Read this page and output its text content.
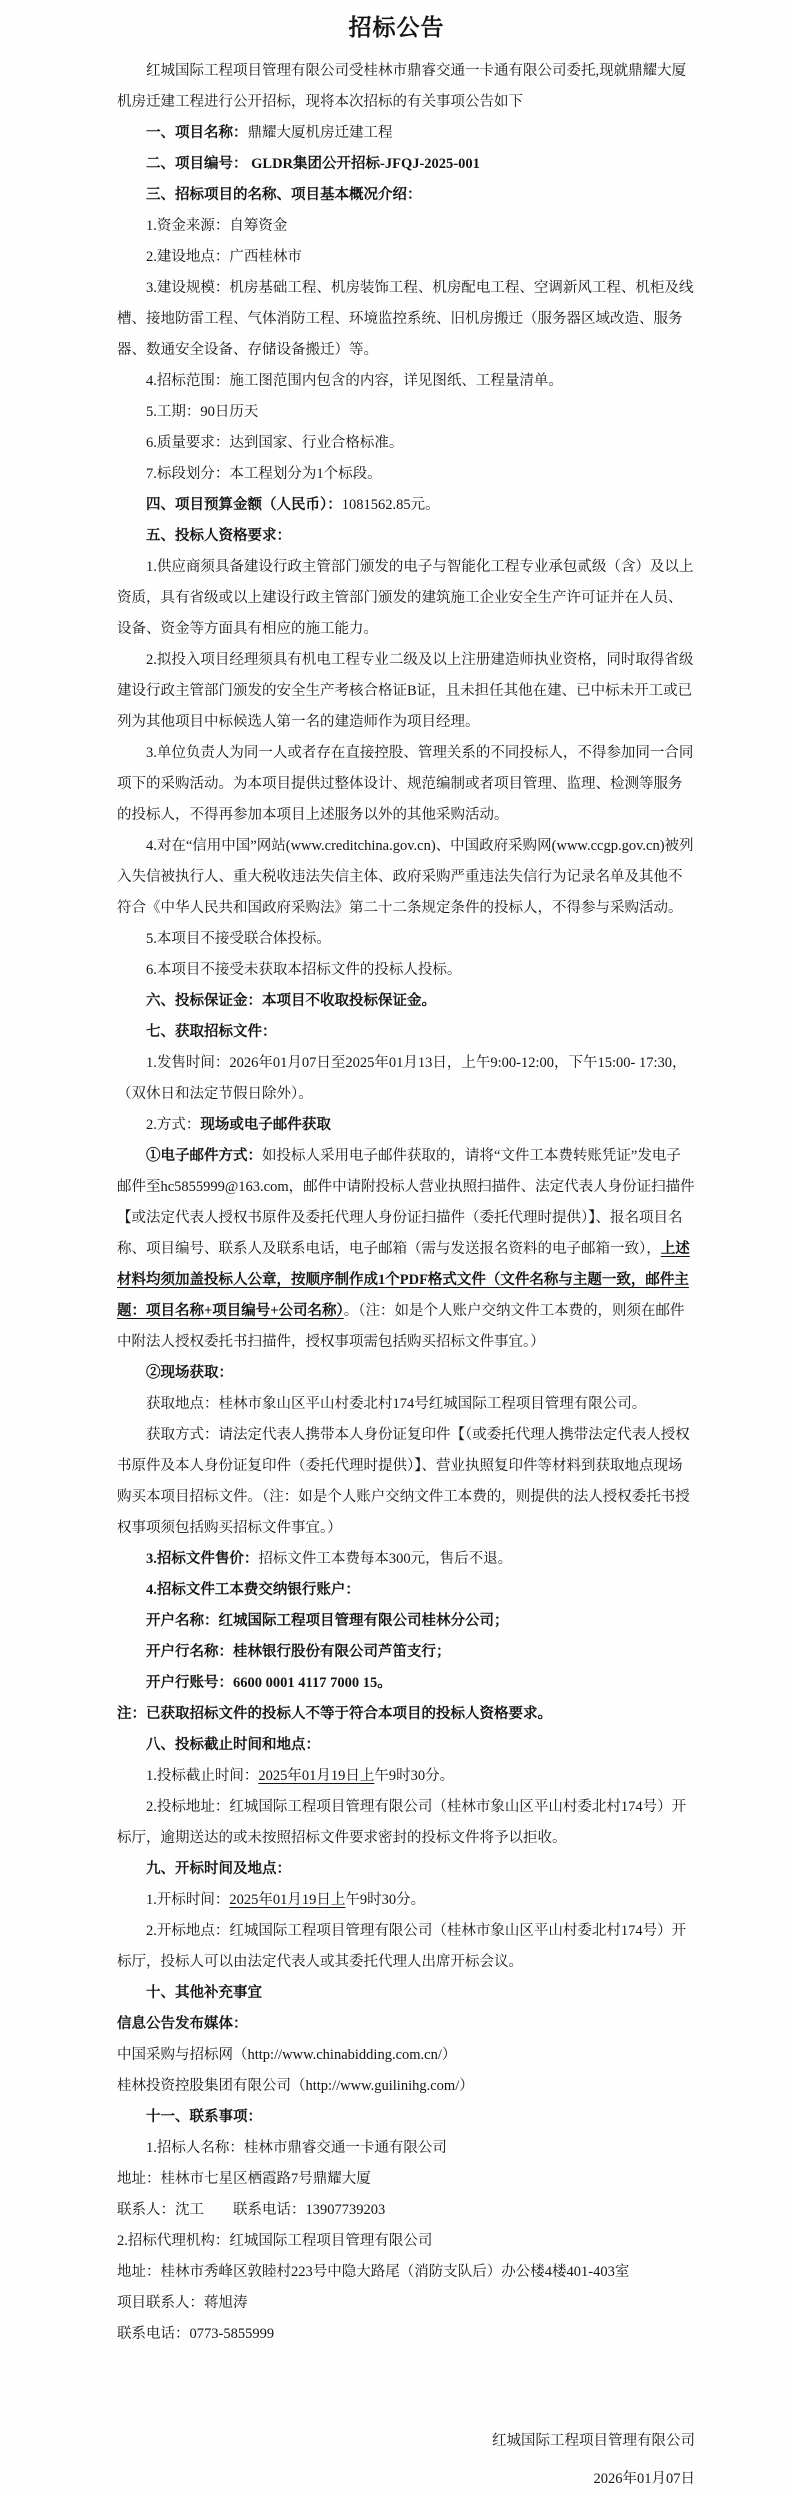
招标公告

红城国际工程项目管理有限公司受桂林市鼎睿交通一卡通有限公司委托,现就鼎耀大厦机房迁建工程进行公开招标，现将本次招标的有关事项公告如下

一、项目名称：鼎耀大厦机房迁建工程

二、项目编号： GLDR集团公开招标-JFQJ-2025-001

三、招标项目的名称、项目基本概况介绍：

1.资金来源：自筹资金

2.建设地点：广西桂林市

3.建设规模：机房基础工程、机房装饰工程、机房配电工程、空调新风工程、机柜及线槽、接地防雷工程、气体消防工程、环境监控系统、旧机房搬迁（服务器区域改造、服务器、数通安全设备、存储设备搬迁）等。

4.招标范围：施工图范围内包含的内容，详见图纸、工程量清单。

5.工期：90日历天

6.质量要求：达到国家、行业合格标准。

7.标段划分：本工程划分为1个标段。

四、项目预算金额（人民币）：1081562.85元。

五、投标人资格要求：

1.供应商须具备建设行政主管部门颁发的电子与智能化工程专业承包贰级（含）及以上资质，具有省级或以上建设行政主管部门颁发的建筑施工企业安全生产许可证并在人员、设备、资金等方面具有相应的施工能力。

2.拟投入项目经理须具有机电工程专业二级及以上注册建造师执业资格，同时取得省级建设行政主管部门颁发的安全生产考核合格证B证，且未担任其他在建、已中标未开工或已列为其他项目中标候选人第一名的建造师作为项目经理。

3.单位负责人为同一人或者存在直接控股、管理关系的不同投标人，不得参加同一合同项下的采购活动。为本项目提供过整体设计、规范编制或者项目管理、监理、检测等服务的投标人，不得再参加本项目上述服务以外的其他采购活动。

4.对在“信用中国”网站(www.creditchina.gov.cn)、中国政府采购网(www.ccgp.gov.cn)被列入失信被执行人、重大税收违法失信主体、政府采购严重违法失信行为记录名单及其他不符合《中华人民共和国政府采购法》第二十二条规定条件的投标人，不得参与采购活动。

5.本项目不接受联合体投标。

6.本项目不接受未获取本招标文件的投标人投标。

六、投标保证金：本项目不收取投标保证金。

七、获取招标文件：

1.发售时间：2026年01月07日至2025年01月13日，上午9:00-12:00，下午15:00- 17:30，（双休日和法定节假日除外）。

2.方式：现场或电子邮件获取

①电子邮件方式：如投标人采用电子邮件获取的，请将“文件工本费转账凭证”发电子邮件至hc5855999@163.com，邮件中请附投标人营业执照扫描件、法定代表人身份证扫描件【或法定代表人授权书原件及委托代理人身份证扫描件（委托代理时提供）】、报名项目名称、项目编号、联系人及联系电话，电子邮箱（需与发送报名资料的电子邮箱一致），上述材料均须加盖投标人公章，按顺序制作成1个PDF格式文件（文件名称与主题一致，邮件主题：项目名称+项目编号+公司名称）。（注：如是个人账户交纳文件工本费的，则须在邮件中附法人授权委托书扫描件，授权事项需包括购买招标文件事宜。）

②现场获取：

获取地点：桂林市象山区平山村委北村174号红城国际工程项目管理有限公司。

获取方式：请法定代表人携带本人身份证复印件【（或委托代理人携带法定代表人授权书原件及本人身份证复印件（委托代理时提供）】、营业执照复印件等材料到获取地点现场购买本项目招标文件。（注：如是个人账户交纳文件工本费的，则提供的法人授权委托书授权事项须包括购买招标文件事宜。）

3.招标文件售价：招标文件工本费每本300元，售后不退。

4.招标文件工本费交纳银行账户：

开户名称：红城国际工程项目管理有限公司桂林分公司；

开户行名称：桂林银行股份有限公司芦笛支行；

开户行账号：6600 0001 4117 7000 15。

注：已获取招标文件的投标人不等于符合本项目的投标人资格要求。

八、投标截止时间和地点：

1.投标截止时间：2025年01月19日上午9时30分。

2.投标地址：红城国际工程项目管理有限公司（桂林市象山区平山村委北村174号）开标厅，逾期送达的或未按照招标文件要求密封的投标文件将予以拒收。

九、开标时间及地点：

1.开标时间：2025年01月19日上午9时30分。

2.开标地点：红城国际工程项目管理有限公司（桂林市象山区平山村委北村174号）开标厅，投标人可以由法定代表人或其委托代理人出席开标会议。

十、其他补充事宜

信息公告发布媒体：

中国采购与招标网（http://www.chinabidding.com.cn/）

桂林投资控股集团有限公司（http://www.guilinihg.com/）

十一、联系事项：

1.招标人名称：桂林市鼎睿交通一卡通有限公司

地址：桂林市七星区栖霞路7号鼎耀大厦

联系人：沈工　　联系电话：13907739203

2.招标代理机构：红城国际工程项目管理有限公司

地址：桂林市秀峰区敦睦村223号中隐大路尾（消防支队后）办公楼4楼401-403室

项目联系人：蒋旭涛

联系电话：0773-5855999

红城国际工程项目管理有限公司

2026年01月07日
